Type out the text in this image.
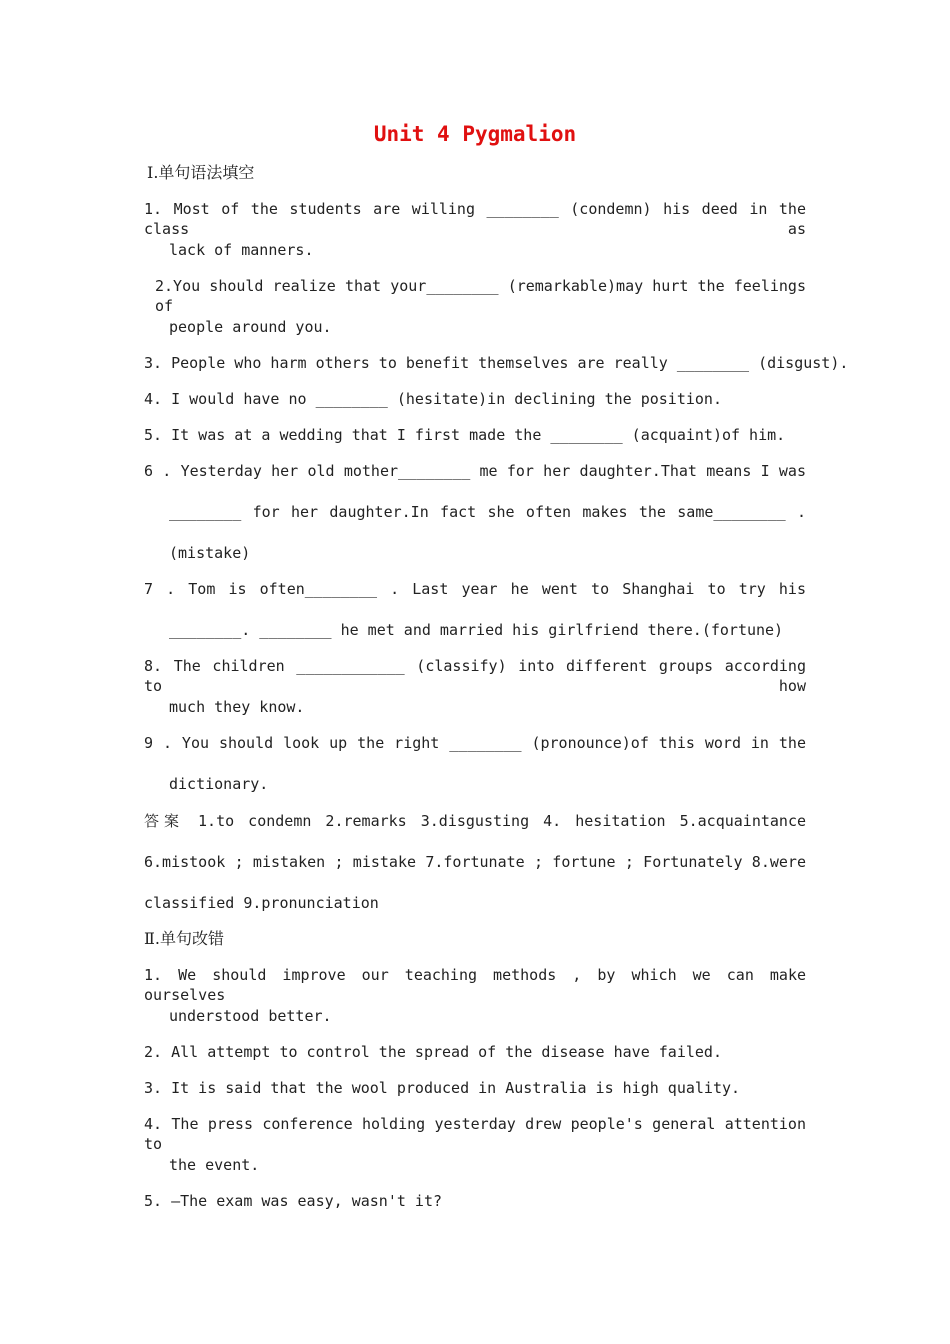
Unit 4 Pygmalion
Ⅰ.单句语法填空
1. Most of the students are willing ________ (condemn) his deed in the class as
lack of manners.
2.You should realize that your________ (remarkable)may hurt the feelings of
people around you.
3. People who harm others to benefit themselves are really ________ (disgust).
4. I would have no ________ (hesitate)in declining the position.
5. It was at a wedding that I first made the ________ (acquaint)of him.
6 . Yesterday her old mother________ me for her daughter.That means I was
________ for her daughter.In fact she often makes the same________ .
(mistake)
7 . Tom is often________ . Last year he went to Shanghai to try his
________. ________ he met and married his girlfriend there.(fortune)
8. The children ____________ (classify) into different groups according to how
much they know.
9 . You should look up the right ________ (pronounce)of this word in the
dictionary.
答案 1.to condemn 2.remarks 3.disgusting 4. hesitation 5.acquaintance
6.mistook ; mistaken ; mistake 7.fortunate ; fortune ; Fortunately 8.were
classified 9.pronunciation
Ⅱ.单句改错
1. We should improve our teaching methods , by which we can make ourselves
understood better.
2. All attempt to control the spread of the disease have failed.
3. It is said that the wool produced in Australia is high quality.
4. The press conference holding yesterday drew people's general attention to
the event.
5. —The exam was easy, wasn't it?
